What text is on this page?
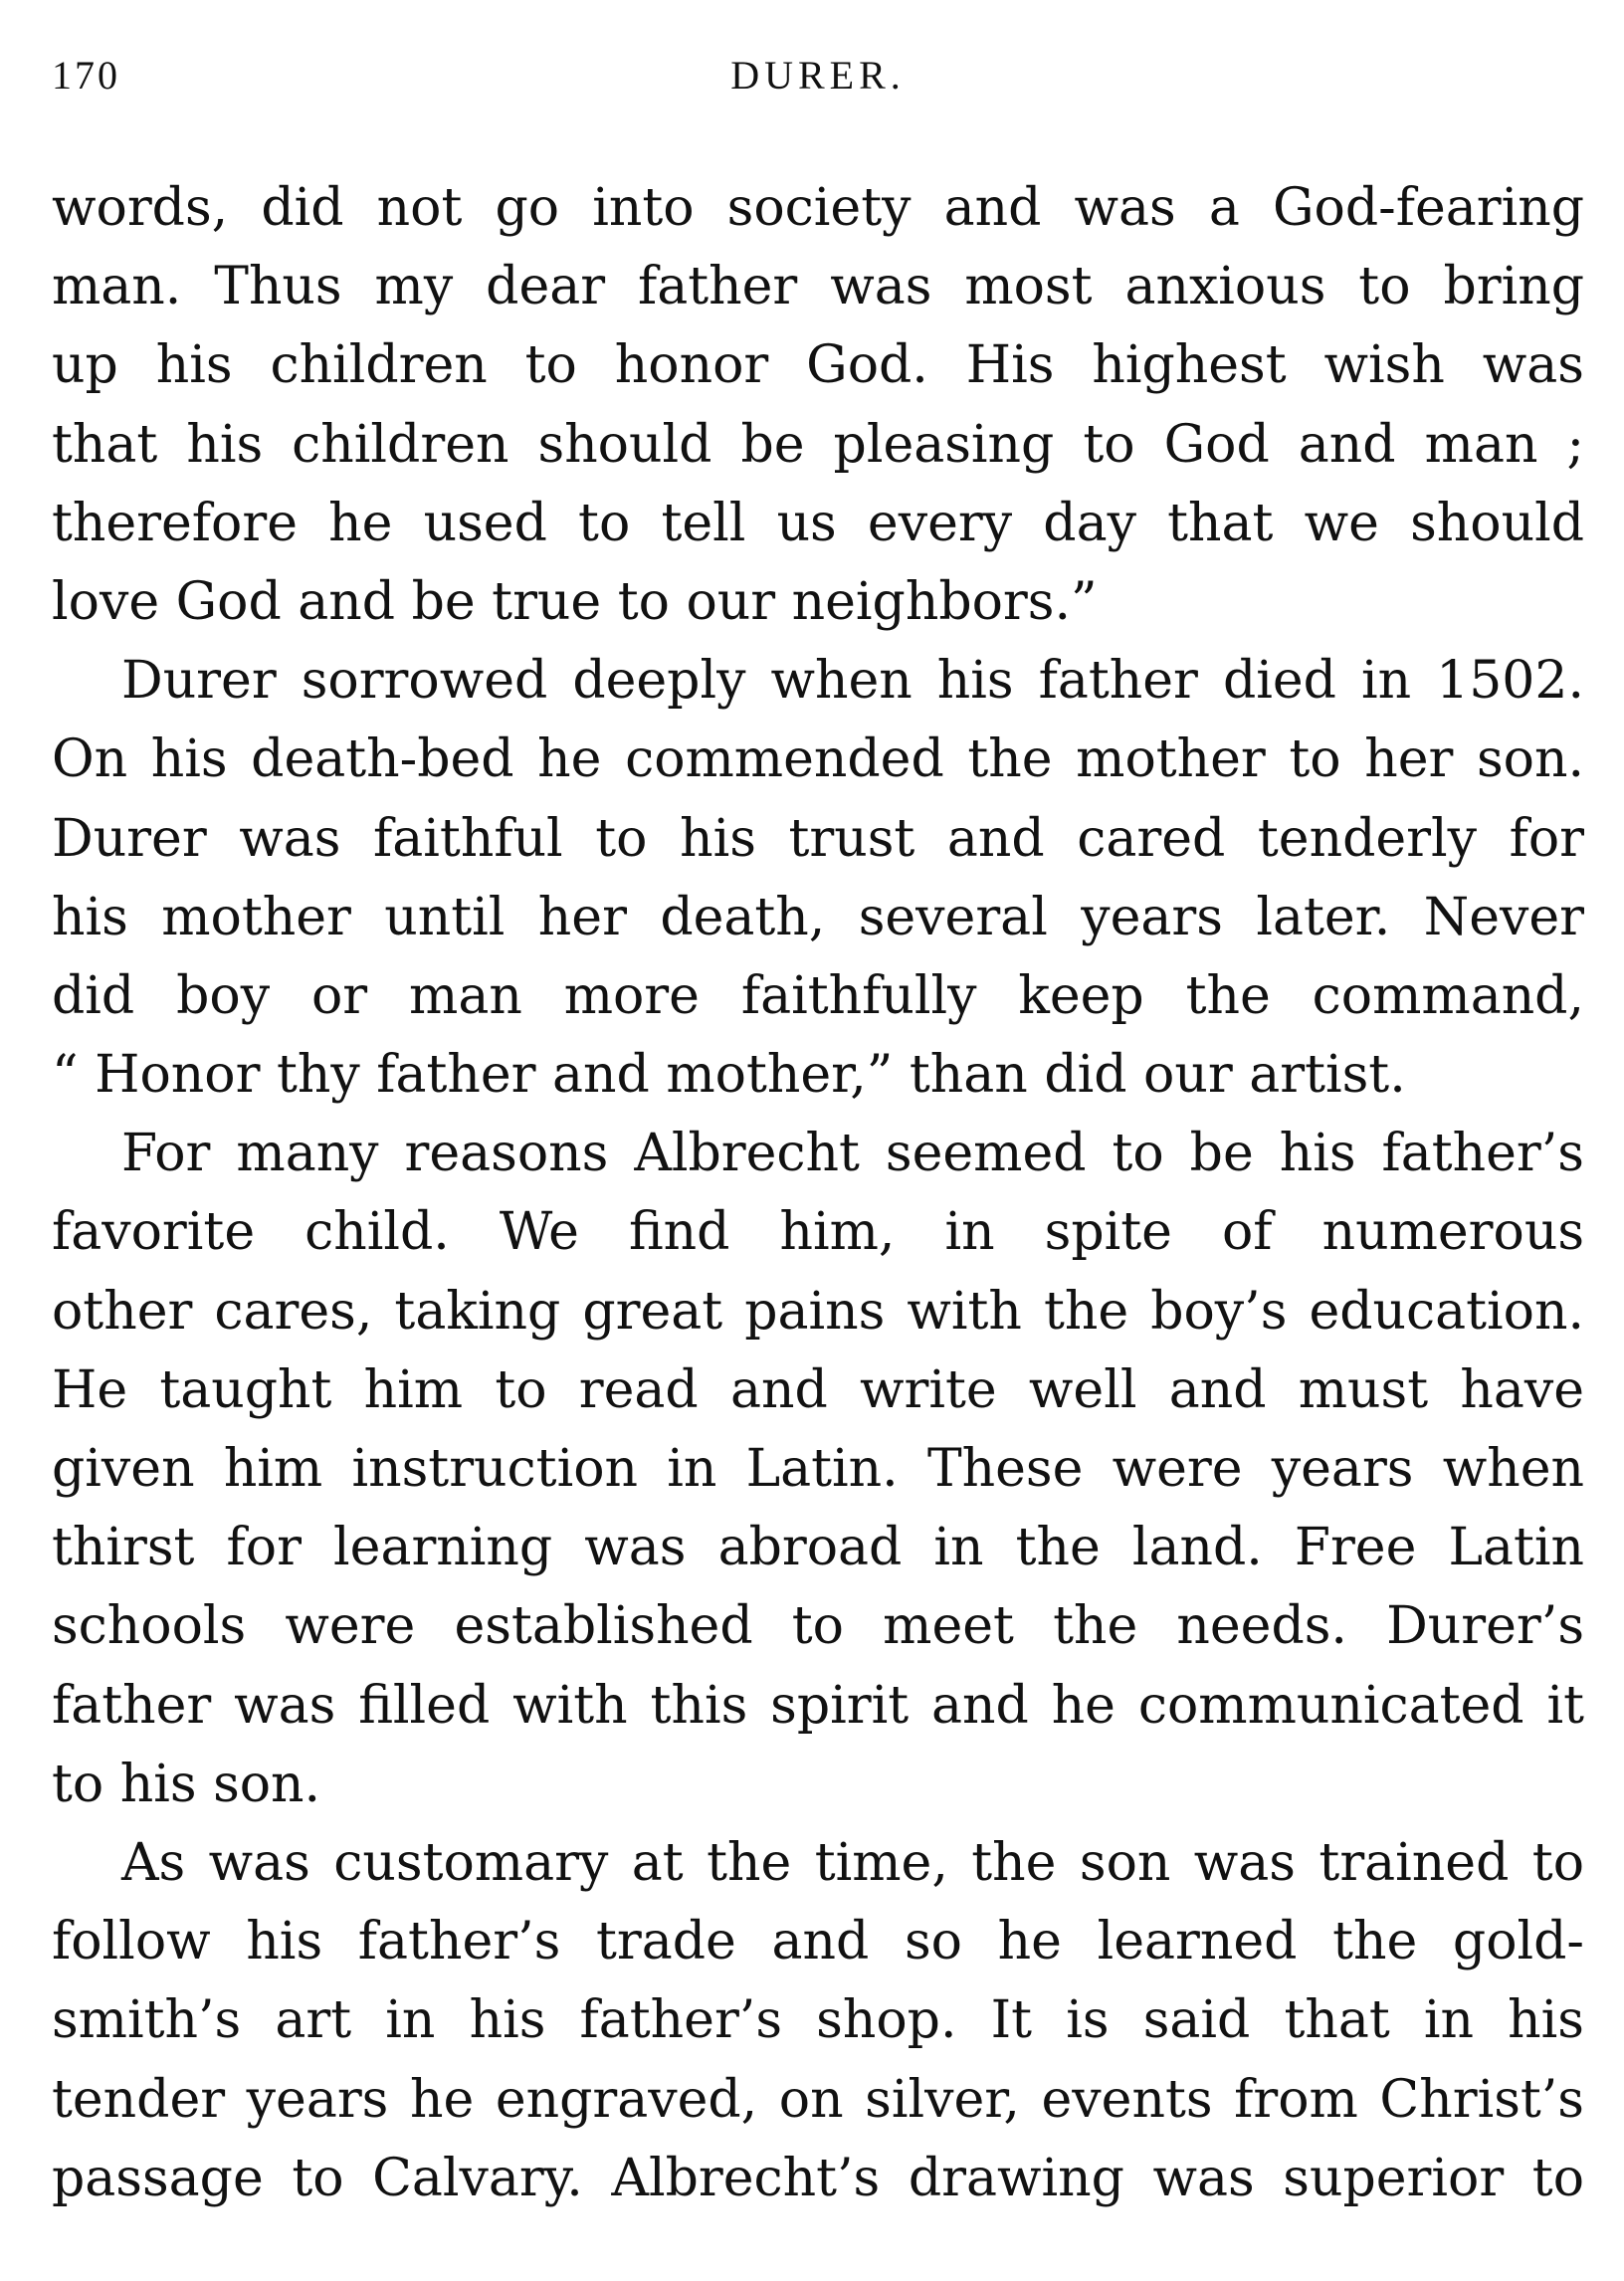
170	DURER.
words, did not go into society and was a God-fearing
man. Thus my dear father was most anxious to bring
up his children to honor God. His highest wish was
that his children should be pleasing to God and man ;
therefore he used to tell us every day that we should
love God and be true to our neighbors.”
Durer sorrowed deeply when his father died in 1502.
On his death-bed he commended the mother to her son.
Durer was faithful to his trust and cared tenderly for
his mother until her death, several years later. Never
did boy or man more faithfully keep the command,
“ Honor thy father and mother,” than did our artist.
For many reasons Albrecht seemed to be his father’s
favorite child. We find him, in spite of numerous
other cares, taking great pains with the boy’s education.
He taught him to read and write well and must have
given him instruction in Latin. These were years when
thirst for learning was abroad in the land. Free Latin
schools were established to meet the needs. Durer’s
father was filled with this spirit and he communicated it
to his son.
As was customary at the time, the son was trained to
follow his father’s trade and so he learned the gold-
smith’s art in his father’s shop. It is said that in his
tender years he engraved, on silver, events from Christ’s
passage to Calvary. Albrecht’s drawing was superior to
